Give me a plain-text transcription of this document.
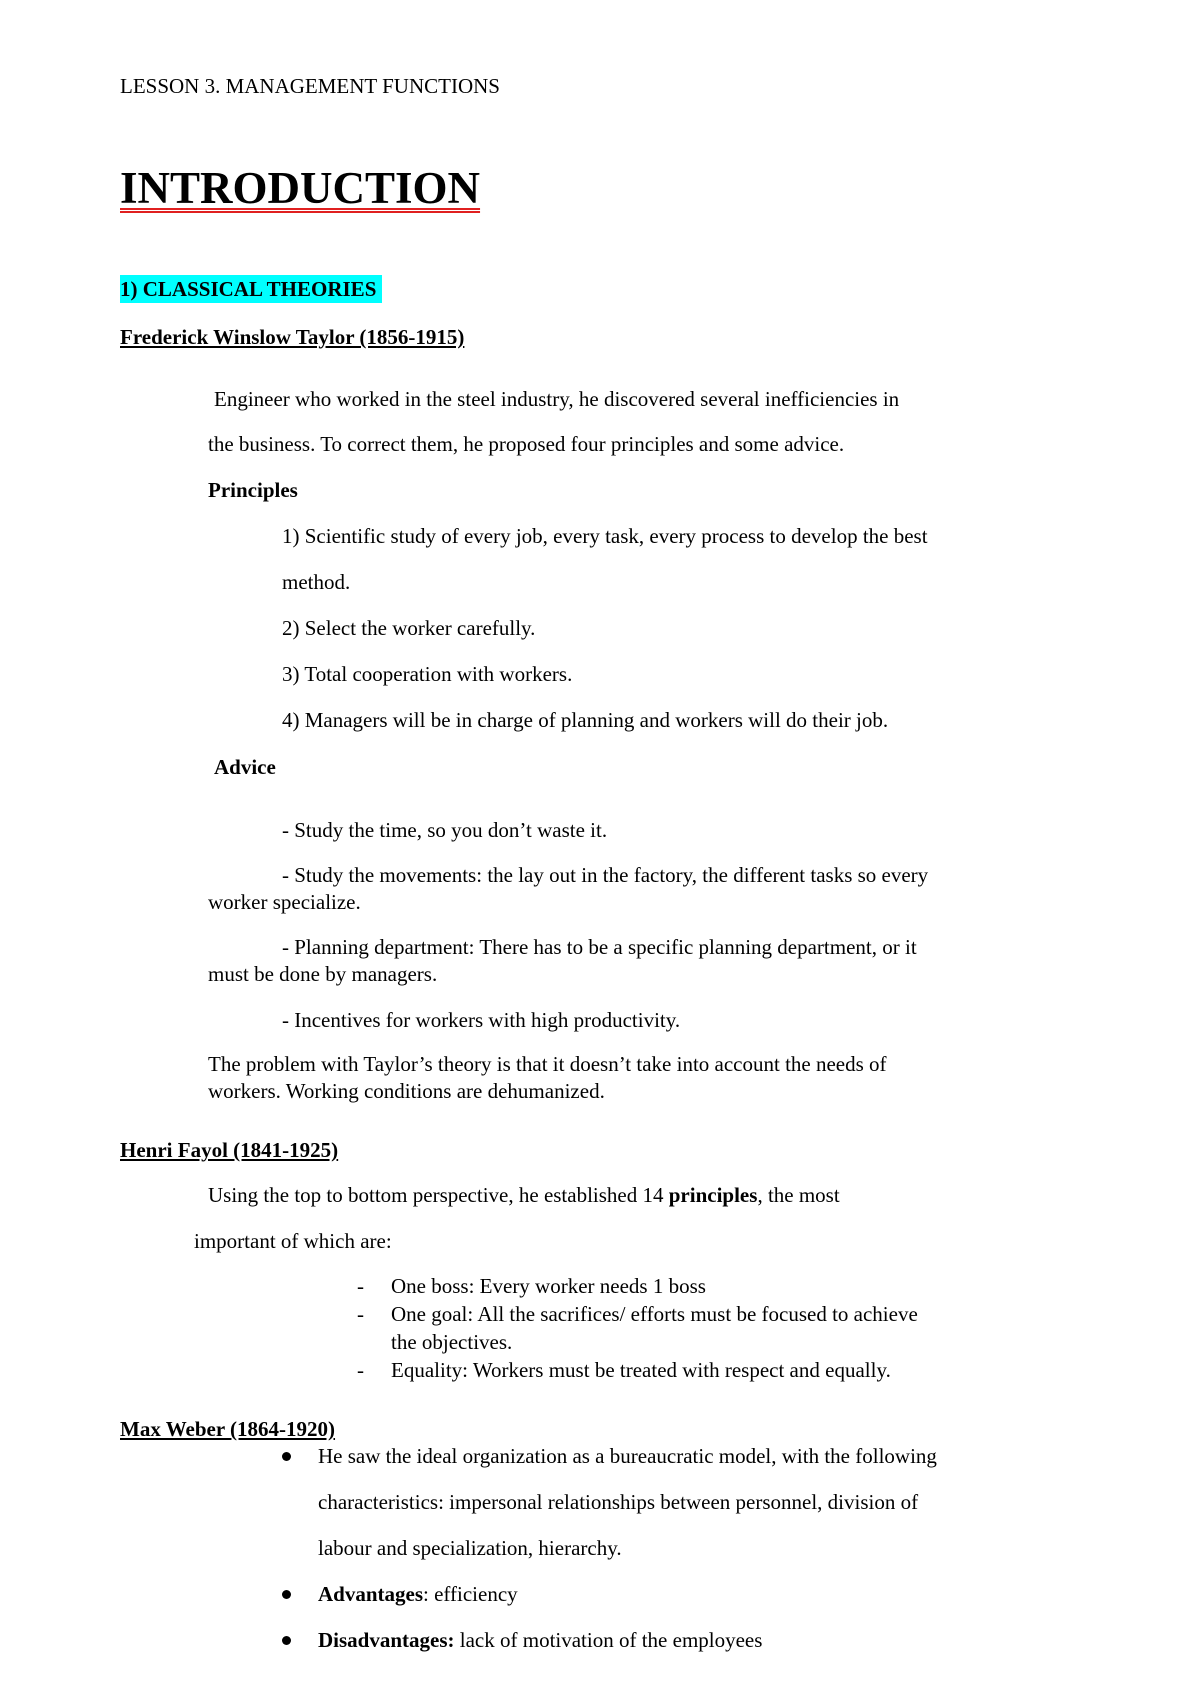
LESSON 3. MANAGEMENT FUNCTIONS
INTRODUCTION
1) CLASSICAL THEORIES
Frederick Winslow Taylor (1856-1915)
Engineer who worked in the steel industry, he discovered several inefficiencies in
the business. To correct them, he proposed four principles and some advice.
Principles
1) Scientific study of every job, every task, every process to develop the best
method.
2) Select the worker carefully.
3) Total cooperation with workers.
4) Managers will be in charge of planning and workers will do their job.
Advice
- Study the time, so you don’t waste it.
- Study the movements: the lay out in the factory, the different tasks so every
worker specialize.
- Planning department: There has to be a specific planning department, or it
must be done by managers.
- Incentives for workers with high productivity.
The problem with Taylor’s theory is that it doesn’t take into account the needs of
workers. Working conditions are dehumanized.
Henri Fayol (1841-1925)
Using the top to bottom perspective, he established 14 principles, the most
important of which are:
- One boss: Every worker needs 1 boss
- One goal: All the sacrifices/ efforts must be focused to achieve
the objectives.
- Equality: Workers must be treated with respect and equally.
Max Weber (1864-1920)
He saw the ideal organization as a bureaucratic model, with the following
characteristics: impersonal relationships between personnel, division of
labour and specialization, hierarchy.
Advantages: efficiency
Disadvantages: lack of motivation of the employees
